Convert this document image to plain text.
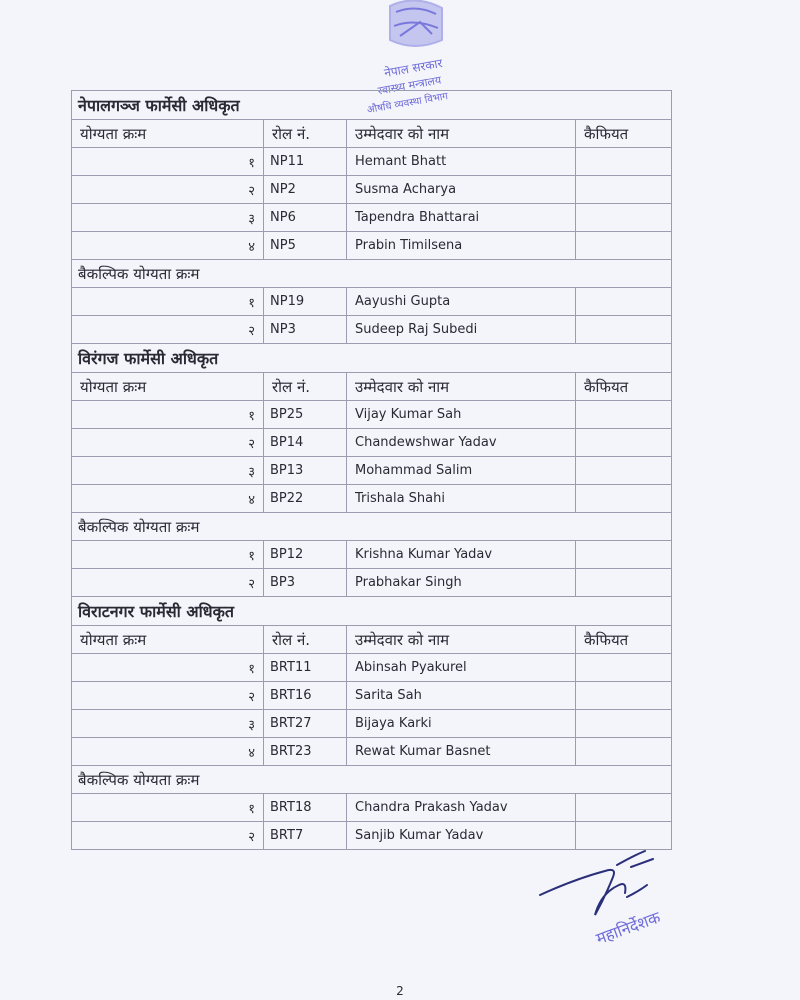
नेपाल सरकार
स्वास्थ्य मन्त्रालय
औषधि व्यवस्था विभाग
नेपालगञ्ज फार्मेसी अधिकृत			
योग्यता क्रःम	रोल नं.	उम्मेदवार को नाम	कैफियत
१	NP11	Hemant Bhatt	
२	NP2	Susma Acharya	
३	NP6	Tapendra Bhattarai	
४	NP5	Prabin Timilsena	
बैकल्पिक योग्यता क्रःम			
१	NP19	Aayushi Gupta	
२	NP3	Sudeep Raj Subedi	
विरंगज फार्मेसी अधिकृत			
योग्यता क्रःम	रोल नं.	उम्मेदवार को नाम	कैफियत
१	BP25	Vijay Kumar Sah	
२	BP14	Chandewshwar Yadav	
३	BP13	Mohammad Salim	
४	BP22	Trishala Shahi	
बैकल्पिक योग्यता क्रःम			
१	BP12	Krishna Kumar Yadav	
२	BP3	Prabhakar Singh	
विराटनगर फार्मेसी अधिकृत			
योग्यता क्रःम	रोल नं.	उम्मेदवार को नाम	कैफियत
१	BRT11	Abinsah Pyakurel	
२	BRT16	Sarita Sah	
३	BRT27	Bijaya Karki	
४	BRT23	Rewat Kumar Basnet	
बैकल्पिक योग्यता क्रःम			
१	BRT18	Chandra Prakash Yadav	
२	BRT7	Sanjib Kumar Yadav	
महानिर्देशक
2
